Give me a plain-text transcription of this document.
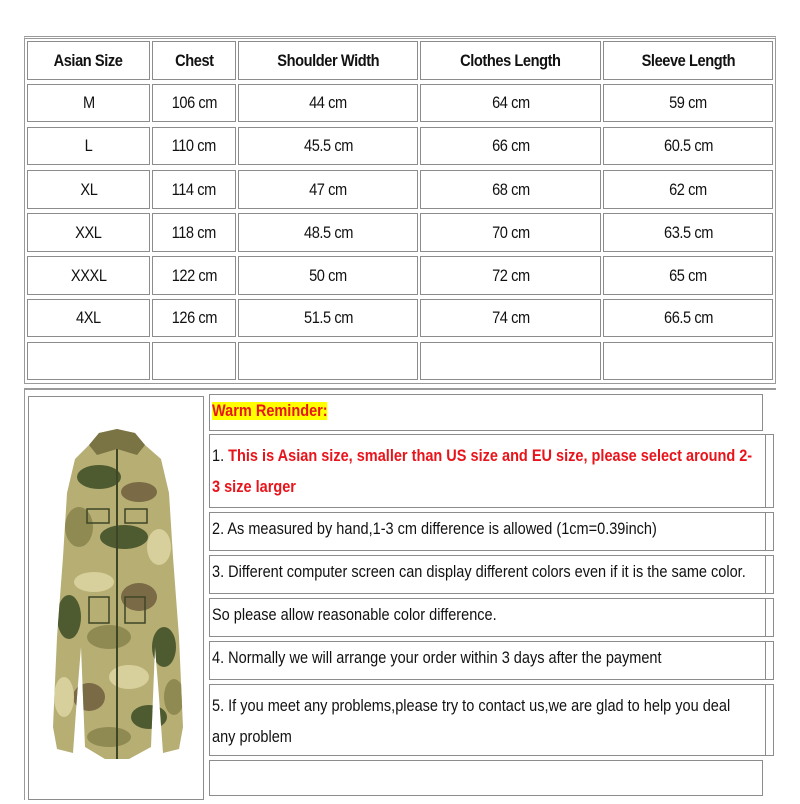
Asian Size	Chest	Shoulder Width	Clothes Length	Sleeve Length
M	106 cm	44 cm	64 cm	59 cm
L	110 cm	45.5 cm	66 cm	60.5 cm
XL	114 cm	47 cm	68 cm	62 cm
XXL	118 cm	48.5 cm	70 cm	63.5 cm
XXXL	122 cm	50 cm	72 cm	65 cm
4XL	126 cm	51.5 cm	74 cm	66.5 cm
Warm Reminder:
1. This is Asian size, smaller than US size and EU size, please select around 2-3 size larger
2. As measured by hand,1-3 cm difference is allowed (1cm=0.39inch)
3. Different computer screen can display different colors even if it is the same color.
So please allow reasonable color difference.
4. Normally we will arrange your order within 3 days after the payment
5. If you meet any problems,please try to contact us,we are glad to help you deal any problem
